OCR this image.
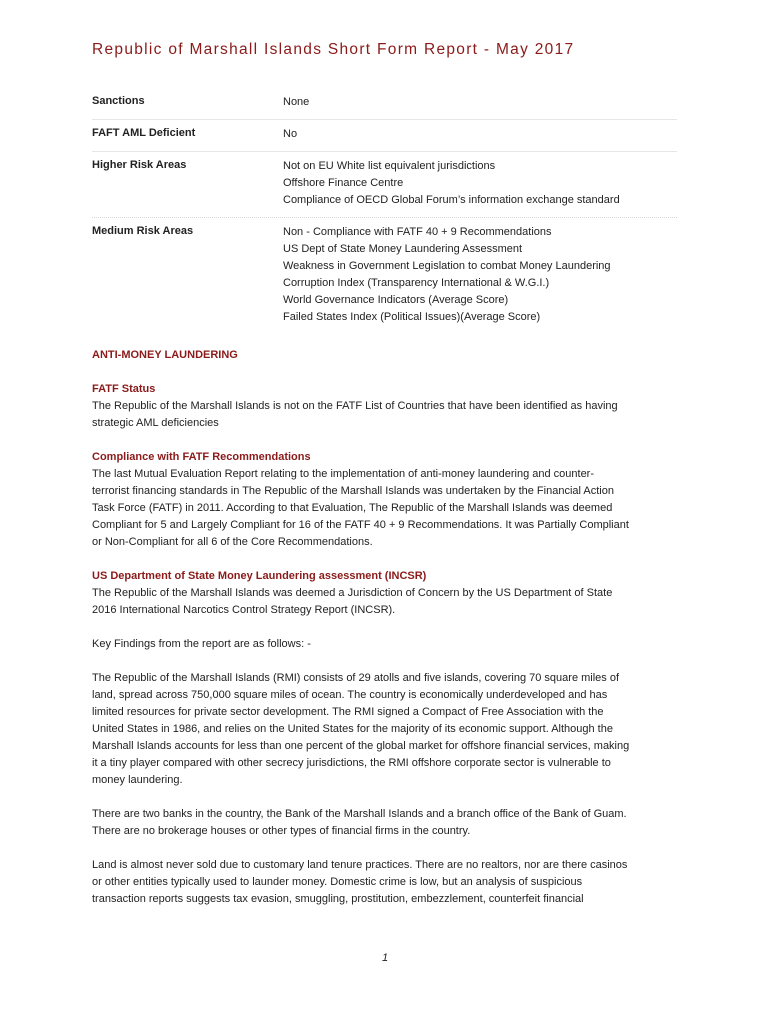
Republic of Marshall Islands Short Form Report - May 2017
Sanctions	None
FAFT AML Deficient	No
Higher Risk Areas	Not on EU White list equivalent jurisdictions
Offshore Finance Centre
Compliance of OECD Global Forum’s information exchange standard
Medium Risk Areas	Non - Compliance with FATF 40 + 9 Recommendations
US Dept of State Money Laundering Assessment
Weakness in Government Legislation to combat Money Laundering
Corruption Index (Transparency International & W.G.I.)
World Governance Indicators (Average Score)
Failed States Index (Political Issues)(Average Score)
ANTI-MONEY LAUNDERING
FATF Status

The Republic of the Marshall Islands is not on the FATF List of Countries that have been identified as having

strategic AML deficiencies

Compliance with FATF Recommendations

The last Mutual Evaluation Report relating to the implementation of anti-money laundering and counter-

terrorist financing standards in The Republic of the Marshall Islands was undertaken by the Financial Action

Task Force (FATF) in 2011. According to that Evaluation, The Republic of the Marshall Islands was deemed

Compliant for 5 and Largely Compliant for 16 of the FATF 40 + 9 Recommendations. It was Partially Compliant

or Non-Compliant for all 6 of the Core Recommendations.

US Department of State Money Laundering assessment (INCSR)

The Republic of the Marshall Islands was deemed a Jurisdiction of Concern by the US Department of State

2016 International Narcotics Control Strategy Report (INCSR).

Key Findings from the report are as follows: -

The Republic of the Marshall Islands (RMI) consists of 29 atolls and five islands, covering 70 square miles of

land, spread across 750,000 square miles of ocean. The country is economically underdeveloped and has

limited resources for private sector development. The RMI signed a Compact of Free Association with the

United States in 1986, and relies on the United States for the majority of its economic support. Although the

Marshall Islands accounts for less than one percent of the global market for offshore financial services, making

it a tiny player compared with other secrecy jurisdictions, the RMI offshore corporate sector is vulnerable to

money laundering.

There are two banks in the country, the Bank of the Marshall Islands and a branch office of the Bank of Guam.

There are no brokerage houses or other types of financial firms in the country.

Land is almost never sold due to customary land tenure practices. There are no realtors, nor are there casinos

or other entities typically used to launder money. Domestic crime is low, but an analysis of suspicious

transaction reports suggests tax evasion, smuggling, prostitution, embezzlement, counterfeit financial

1
